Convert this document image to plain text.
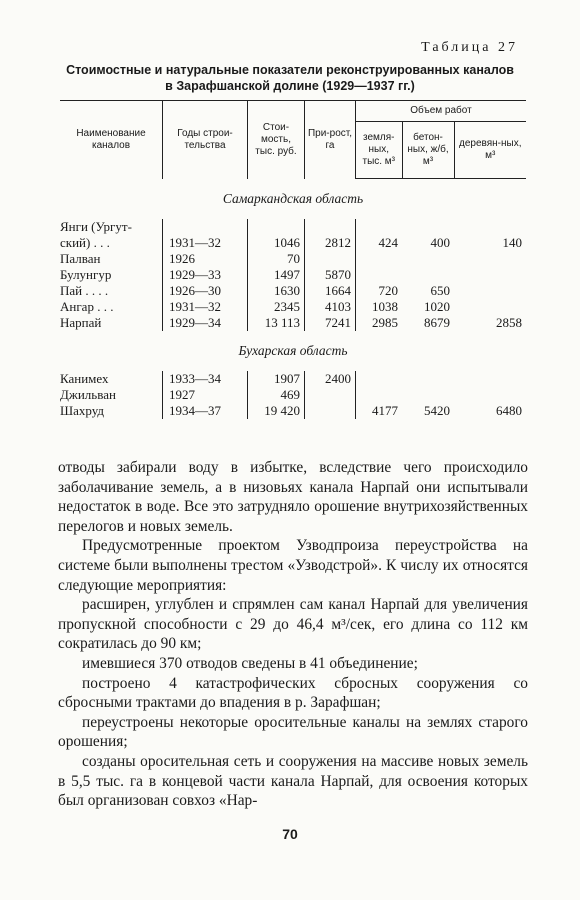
Таблица 27
Стоимостные и натуральные показатели реконструированных каналов
в Зарафшанской долине (1929—1937 гг.)
Наименование каналов	Годы строи-тельства	Стои-мость, тыс. руб.	При-рост, га	Объем работ		
				земля-ных, тыс. м³	бетон-ных, ж/б, м³	деревян-ных, м³
Самаркандская область						
Янги (Ургут-						
ский) . . .	1931—32	1046	2812	424	400	140
Палван	1926	70				
Булунгур	1929—33	1497	5870			
Пай . . . .	1926—30	1630	1664	720	650	
Ангар . . .	1931—32	2345	4103	1038	1020	
Нарпай	1929—34	13 113	7241	2985	8679	2858
Бухарская область						
Канимех	1933—34	1907	2400			
Джильван	1927	469				
Шахруд	1934—37	19 420		4177	5420	6480

отводы забирали воду в избытке, вследствие чего происходило заболачивание земель, а в низовьях канала Нарпай они испытывали недостаток в воде. Все это затрудняло орошение внутрихозяйственных перелогов и новых земель.

Предусмотренные проектом Узводпроиза переустройства на системе были выполнены трестом «Узводстрой». К числу их относятся следующие мероприятия:

расширен, углублен и спрямлен сам канал Нарпай для увеличения пропускной способности с 29 до 46,4 м³/сек, его длина со 112 км сократилась до 90 км;

имевшиеся 370 отводов сведены в 41 объединение;

построено 4 катастрофических сбросных сооружения со сбросными трактами до впадения в р. Зарафшан;

переустроены некоторые оросительные каналы на землях старого орошения;

созданы оросительная сеть и сооружения на массиве новых земель в 5,5 тыс. га в концевой части канала Нарпай, для освоения которых был организован совхоз «Нар-

70
